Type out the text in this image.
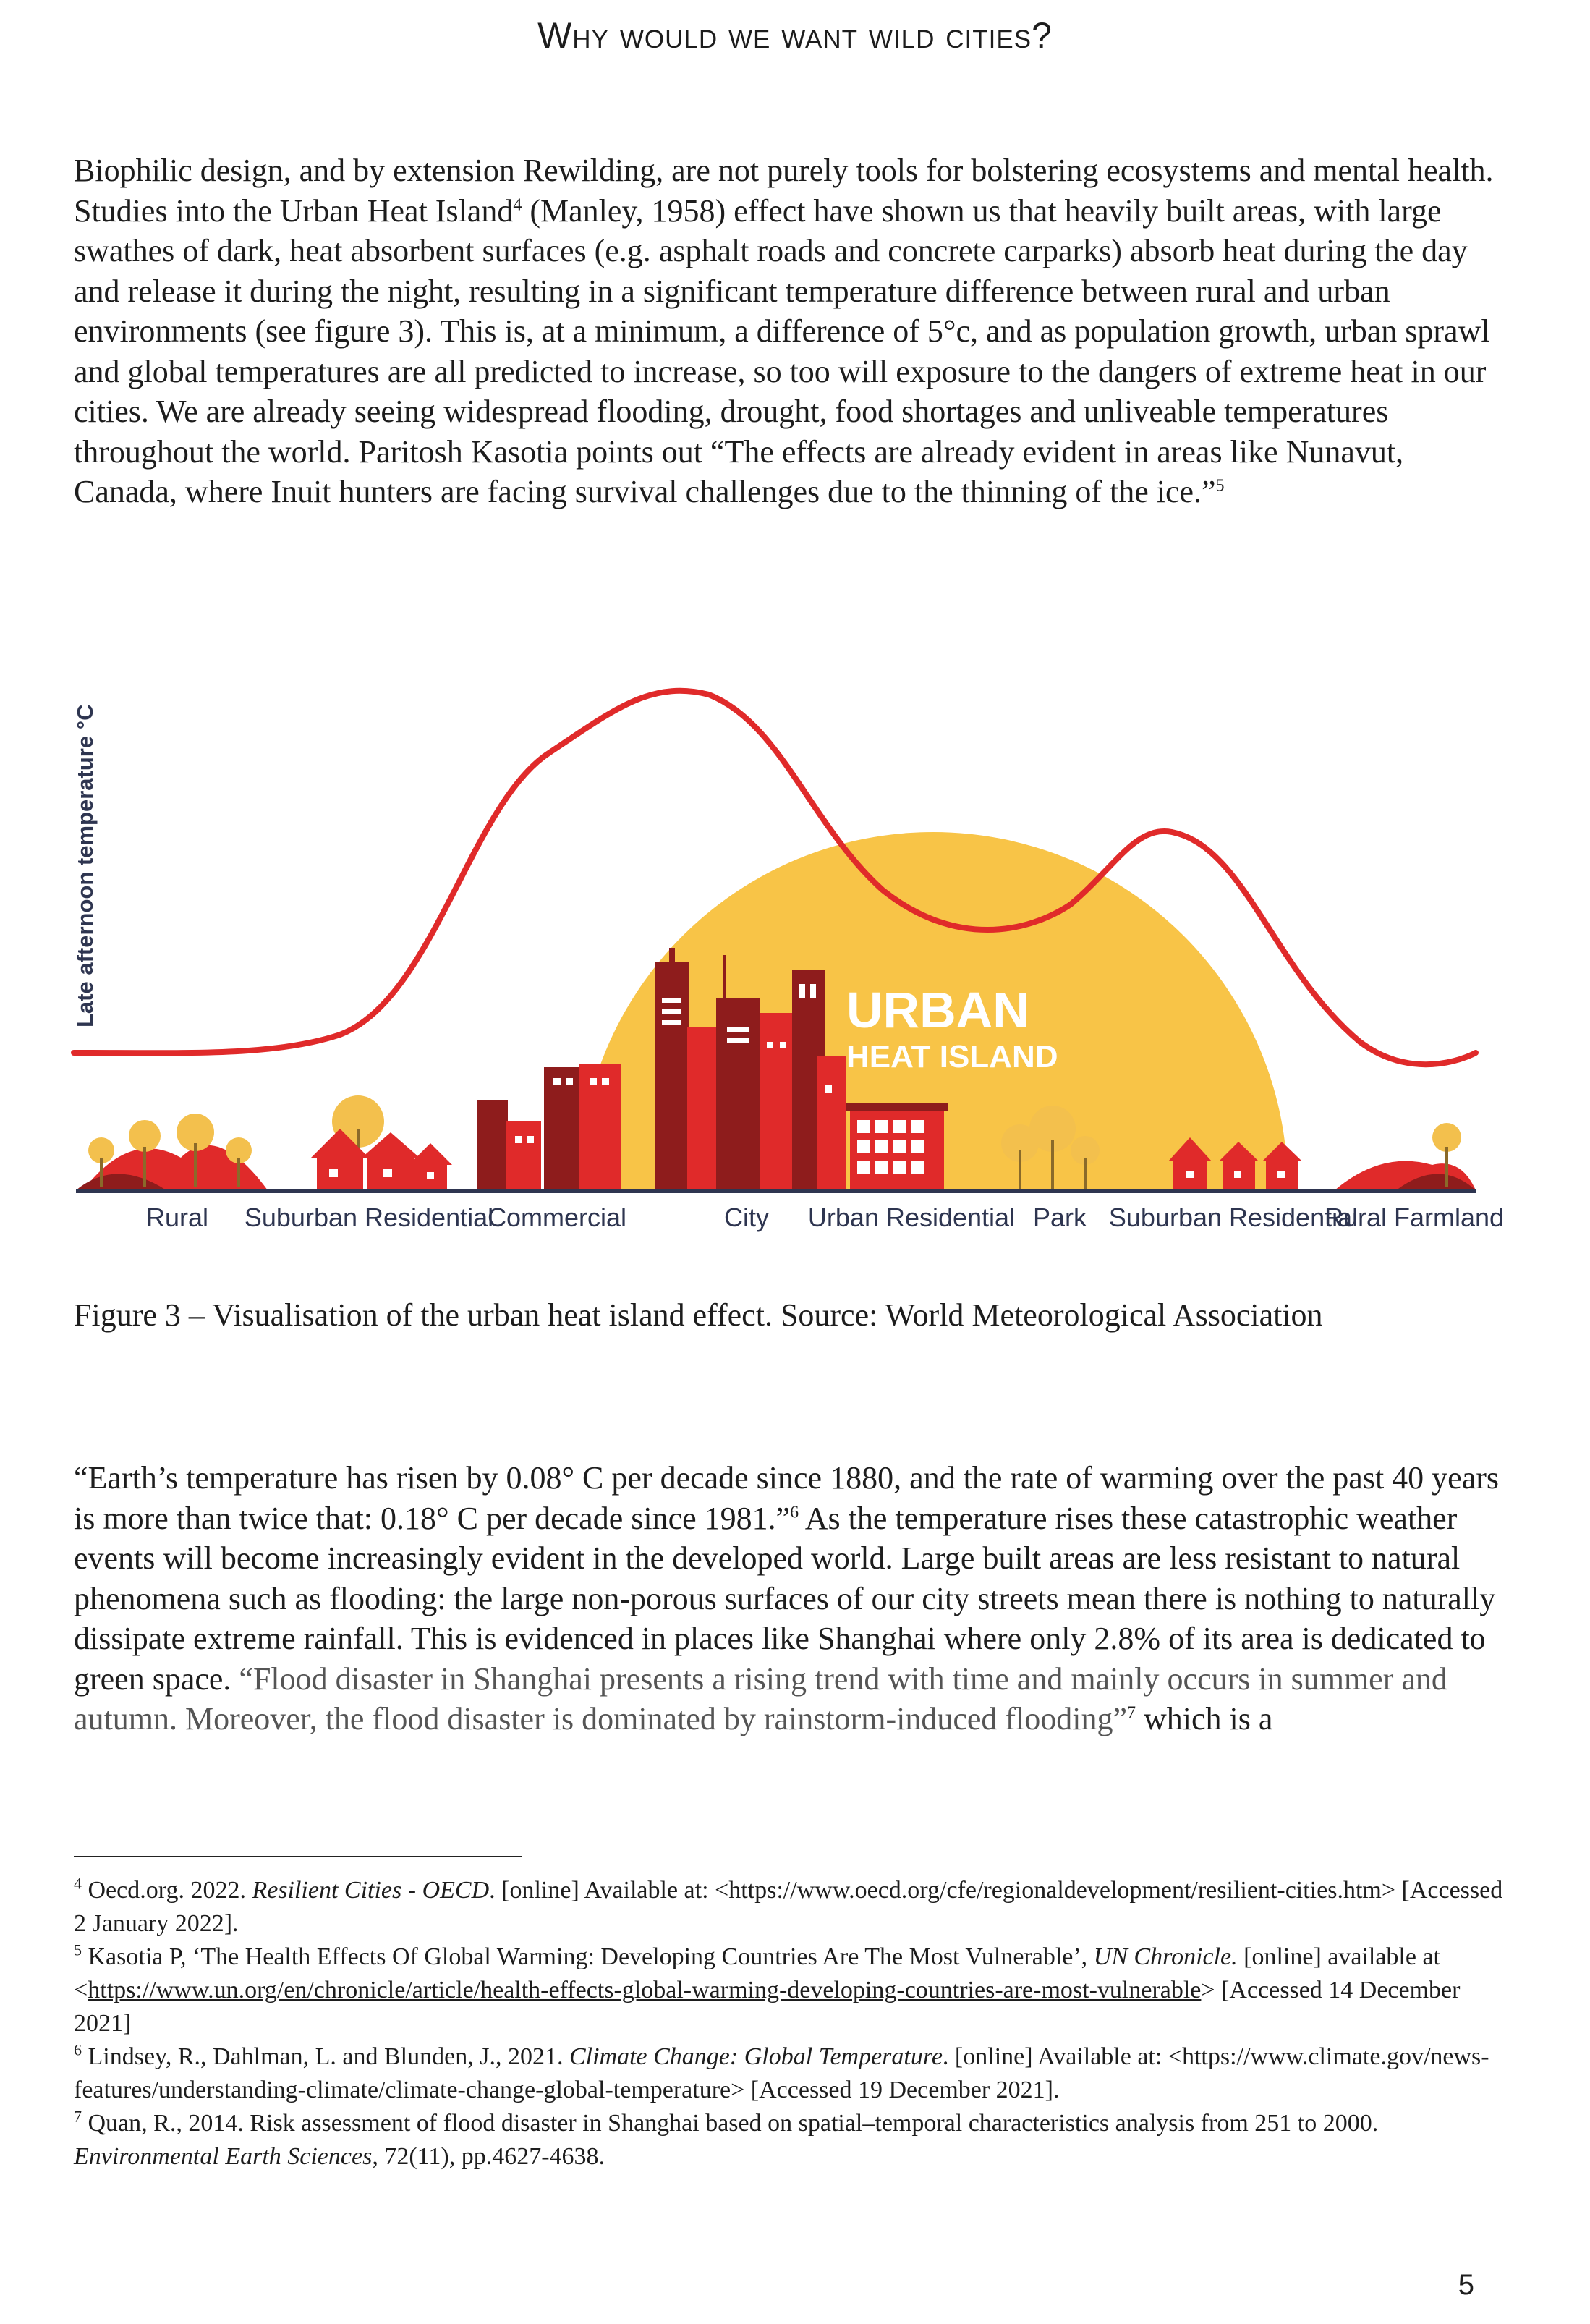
Why would we want wild cities?

Biophilic design, and by extension Rewilding, are not purely tools for bolstering ecosystems and mental health. Studies into the Urban Heat Island$^4$ (Manley, 1958) effect have shown us that heavily built areas, with large swathes of dark, heat absorbent surfaces (e.g. asphalt roads and concrete carparks) absorb heat during the day and release it during the night, resulting in a significant temperature difference between rural and urban environments (see figure 3). This is, at a minimum, a difference of 5°c, and as population growth, urban sprawl and global temperatures are all predicted to increase, so too will exposure to the dangers of extreme heat in our cities. We are already seeing widespread flooding, drought, food shortages and unliveable temperatures throughout the world. Paritosh Kasotia points out “The effects are already evident in areas like Nunavut, Canada, where Inuit hunters are facing survival challenges due to the thinning of the ice.”$^5$

Late afternoon temperature °C	URBAN
HEAT ISLAND
Rural Suburban Residential
Commercial	City Urban Residential Park Suburban Residential
Rural Farmland

Figure 3 – Visualisation of the urban heat island effect. Source: World Meteorological Association

“Earth’s temperature has risen by 0.08° C per decade since 1880, and the rate of warming over the past 40 years is more than twice that: 0.18° C per decade since 1981.”$^6$ As the temperature rises these catastrophic weather events will become increasingly evident in the developed world. Large built areas are less resistant to natural phenomena such as flooding: the large non-porous surfaces of our city streets mean there is nothing to naturally dissipate extreme rainfall. This is evidenced in places like Shanghai where only 2.8% of its area is dedicated to green space. “Flood disaster in Shanghai presents a rising trend with time and mainly occurs in summer and autumn. Moreover, the flood disaster is dominated by rainstorm-induced flooding”$^7$ which is a

$^4$ Oecd.org. 2022. Resilient Cities - OECD. [online] Available at: <https://www.oecd.org/cfe/regionaldevelopment/resilient-cities.htm> [Accessed 2 January 2022].

$^5$ Kasotia P, ‘The Health Effects Of Global Warming: Developing Countries Are The Most Vulnerable’, UN Chronicle. [online] available at <https://www.un.org/en/chronicle/article/health-effects-global-warming-developing-countries-are-most-vulnerable> [Accessed 14 December 2021]

$^6$ Lindsey, R., Dahlman, L. and Blunden, J., 2021. Climate Change: Global Temperature. [online] Available at: <https://www.climate.gov/news-features/understanding-climate/climate-change-global-temperature> [Accessed 19 December 2021].

$^7$ Quan, R., 2014. Risk assessment of flood disaster in Shanghai based on spatial–temporal characteristics analysis from 251 to 2000. Environmental Earth Sciences, 72(11), pp.4627-4638.

5
